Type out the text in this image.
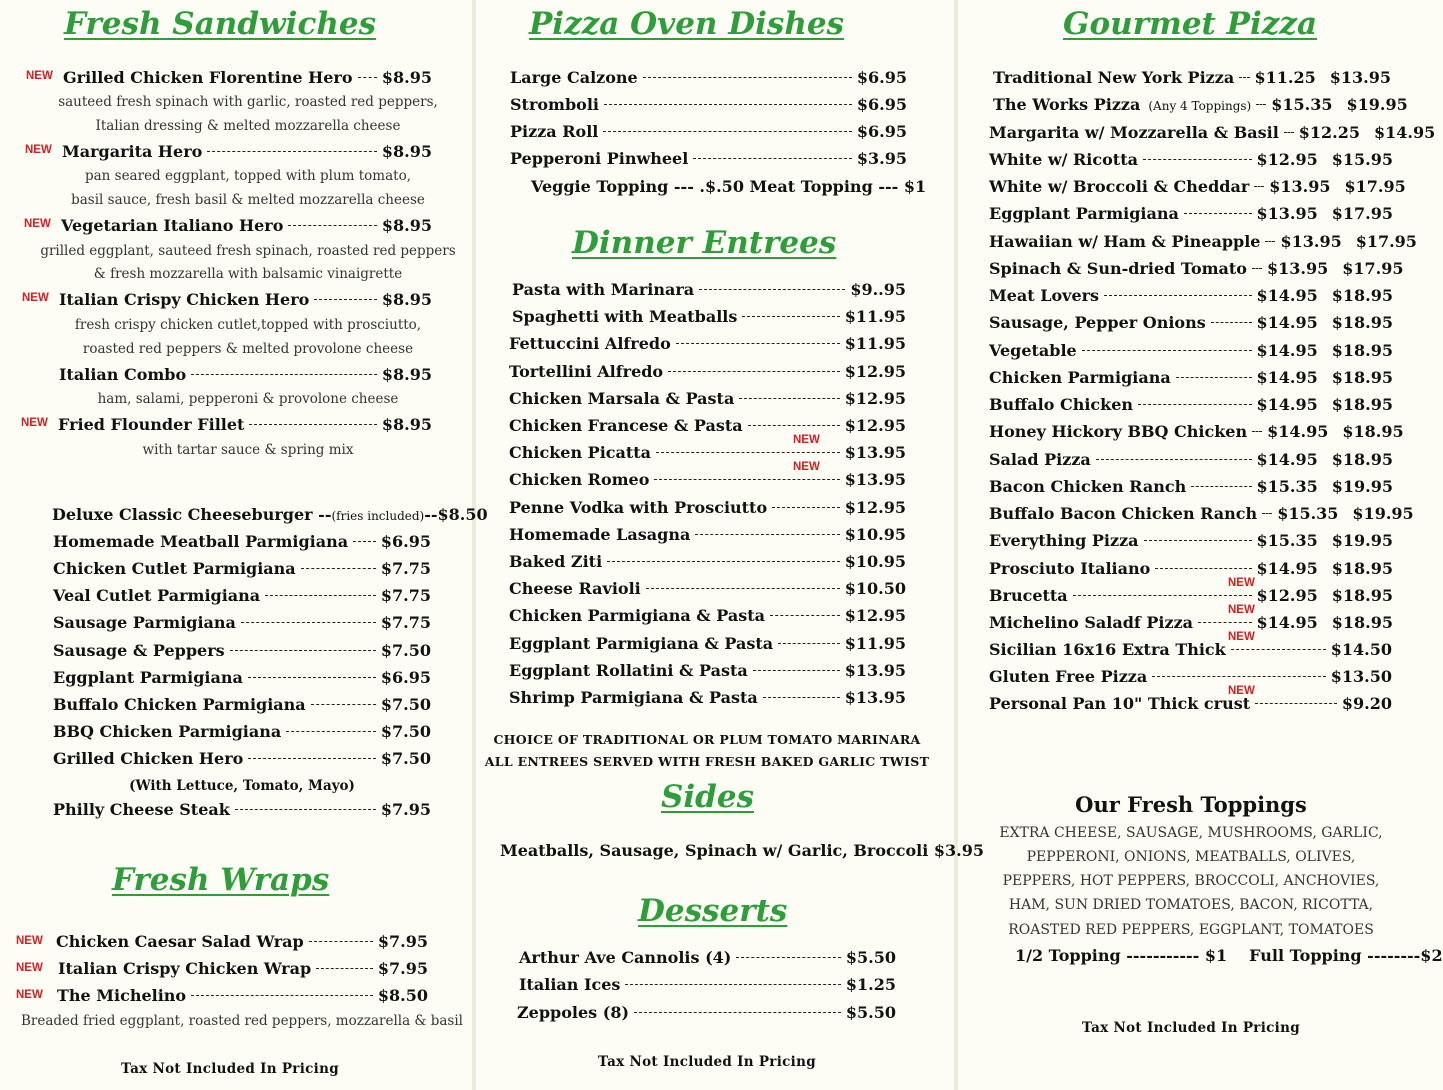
Fresh Sandwiches
NEW Grilled Chicken Florentine Hero $8.95
sauteed fresh spinach with garlic, roasted red peppers,
Italian dressing & melted mozzarella cheese
NEW Margarita Hero	$8.95
pan seared eggplant, topped with plum tomato,
basil sauce, fresh basil & melted mozzarella cheese
NEW Vegetarian Italiano Hero	$8.95
grilled eggplant, sauteed fresh spinach, roasted red peppers
& fresh mozzarella with balsamic vinaigrette
NEW Italian Crispy Chicken Hero	$8.95
fresh crispy chicken cutlet,topped with prosciutto,
roasted red peppers & melted provolone cheese
Italian Combo	$8.95
ham, salami, pepperoni & provolone cheese
NEW Fried Flounder Fillet	$8.95
with tartar sauce & spring mix
Deluxe Classic Cheeseburger -- (fries included) --$8.50
Homemade Meatball Parmigiana $6.95
Chicken Cutlet Parmigiana	$7.75
Veal Cutlet Parmigiana	$7.75
Sausage Parmigiana	$7.75
Sausage & Peppers	$7.50
Eggplant Parmigiana	$6.95
Buffalo Chicken Parmigiana	$7.50
BBQ Chicken Parmigiana	$7.50
Grilled Chicken Hero	$7.50
Philly Cheese Steak	$7.95
(With Lettuce, Tomato, Mayo)
Fresh Wraps
NEW Chicken Caesar Salad Wrap	$7.95
NEW Italian Crispy Chicken Wrap	$7.95
NEW The Michelino	$8.50
Breaded fried eggplant, roasted red peppers, mozzarella & basil
Tax Not Included In Pricing
Pizza Oven Dishes
Large Calzone	$6.95
Stromboli	$6.95
Pizza Roll	$6.95
Pepperoni Pinwheel	$3.95
Veggie Topping --- .$.50 Meat Topping --- $1
Dinner Entrees
Pasta with Marinara	$9..95
Spaghetti with Meatballs	$11.95
Fettuccini Alfredo	$11.95
Tortellini Alfredo	$12.95
Chicken Marsala & Pasta	$12.95
Chicken Francese & Pasta	$12.95
NEW
Chicken Picatta	$13.95
NEW
Chicken Romeo	$13.95
Penne Vodka with Prosciutto	$12.95
Homemade Lasagna	$10.95
Baked Ziti	$10.95
Cheese Ravioli	$10.50
Chicken Parmigiana & Pasta	$12.95
Eggplant Parmigiana & Pasta	$11.95
Eggplant Rollatini & Pasta	$13.95
Shrimp Parmigiana & Pasta	$13.95
CHOICE OF TRADITIONAL OR PLUM TOMATO MARINARA
ALL ENTREES SERVED WITH FRESH BAKED GARLIC TWIST
Sides
Meatballs, Sausage, Spinach w/ Garlic, Broccoli $3.95
Desserts
Arthur Ave Cannolis (4)	$5.50
Italian Ices	$1.25
Zeppoles (8)	$5.50
Tax Not Included In Pricing
Gourmet Pizza
Traditional New York Pizza $11.25 $13.95
The Works Pizza (Any 4 Toppings) $15.35 $19.95
Margarita w/ Mozzarella & Basil $12.25 $14.95
White w/ Ricotta	$12.95 $15.95
White w/ Broccoli & Cheddar $13.95 $17.95
Eggplant Parmigiana	$13.95 $17.95
Hawaiian w/ Ham & Pineapple $13.95 $17.95
Spinach & Sun-dried Tomato $13.95 $17.95
Meat Lovers	$14.95 $18.95
Sausage, Pepper Onions	$14.95 $18.95
Vegetable	$14.95 $18.95
Chicken Parmigiana	$14.95 $18.95
Buffalo Chicken	$14.95 $18.95
Honey Hickory BBQ Chicken $14.95 $18.95
Salad Pizza	$14.95 $18.95
Bacon Chicken Ranch	$15.35 $19.95
Buffalo Bacon Chicken Ranch $15.35 $19.95
Everything Pizza	$15.35 $19.95
Prosciuto Italiano	$14.95 $18.95
NEW
Brucetta	$12.95 $18.95
NEW
Michelino Saladf Pizza	$14.95 $18.95
NEW
Sicilian 16x16 Extra Thick	$14.50
Gluten Free Pizza	$13.50
NEW
Personal Pan 10" Thick crust	$9.20
Our Fresh Toppings
EXTRA CHEESE, SAUSAGE, MUSHROOMS, GARLIC,
PEPPERONI, ONIONS, MEATBALLS, OLIVES,
PEPPERS, HOT PEPPERS, BROCCOLI, ANCHOVIES,
HAM, SUN DRIED TOMATOES, BACON, RICOTTA,
ROASTED RED PEPPERS, EGGPLANT, TOMATOES
1/2 Topping ----------- $1 Full Topping --------$2
Tax Not Included In Pricing
